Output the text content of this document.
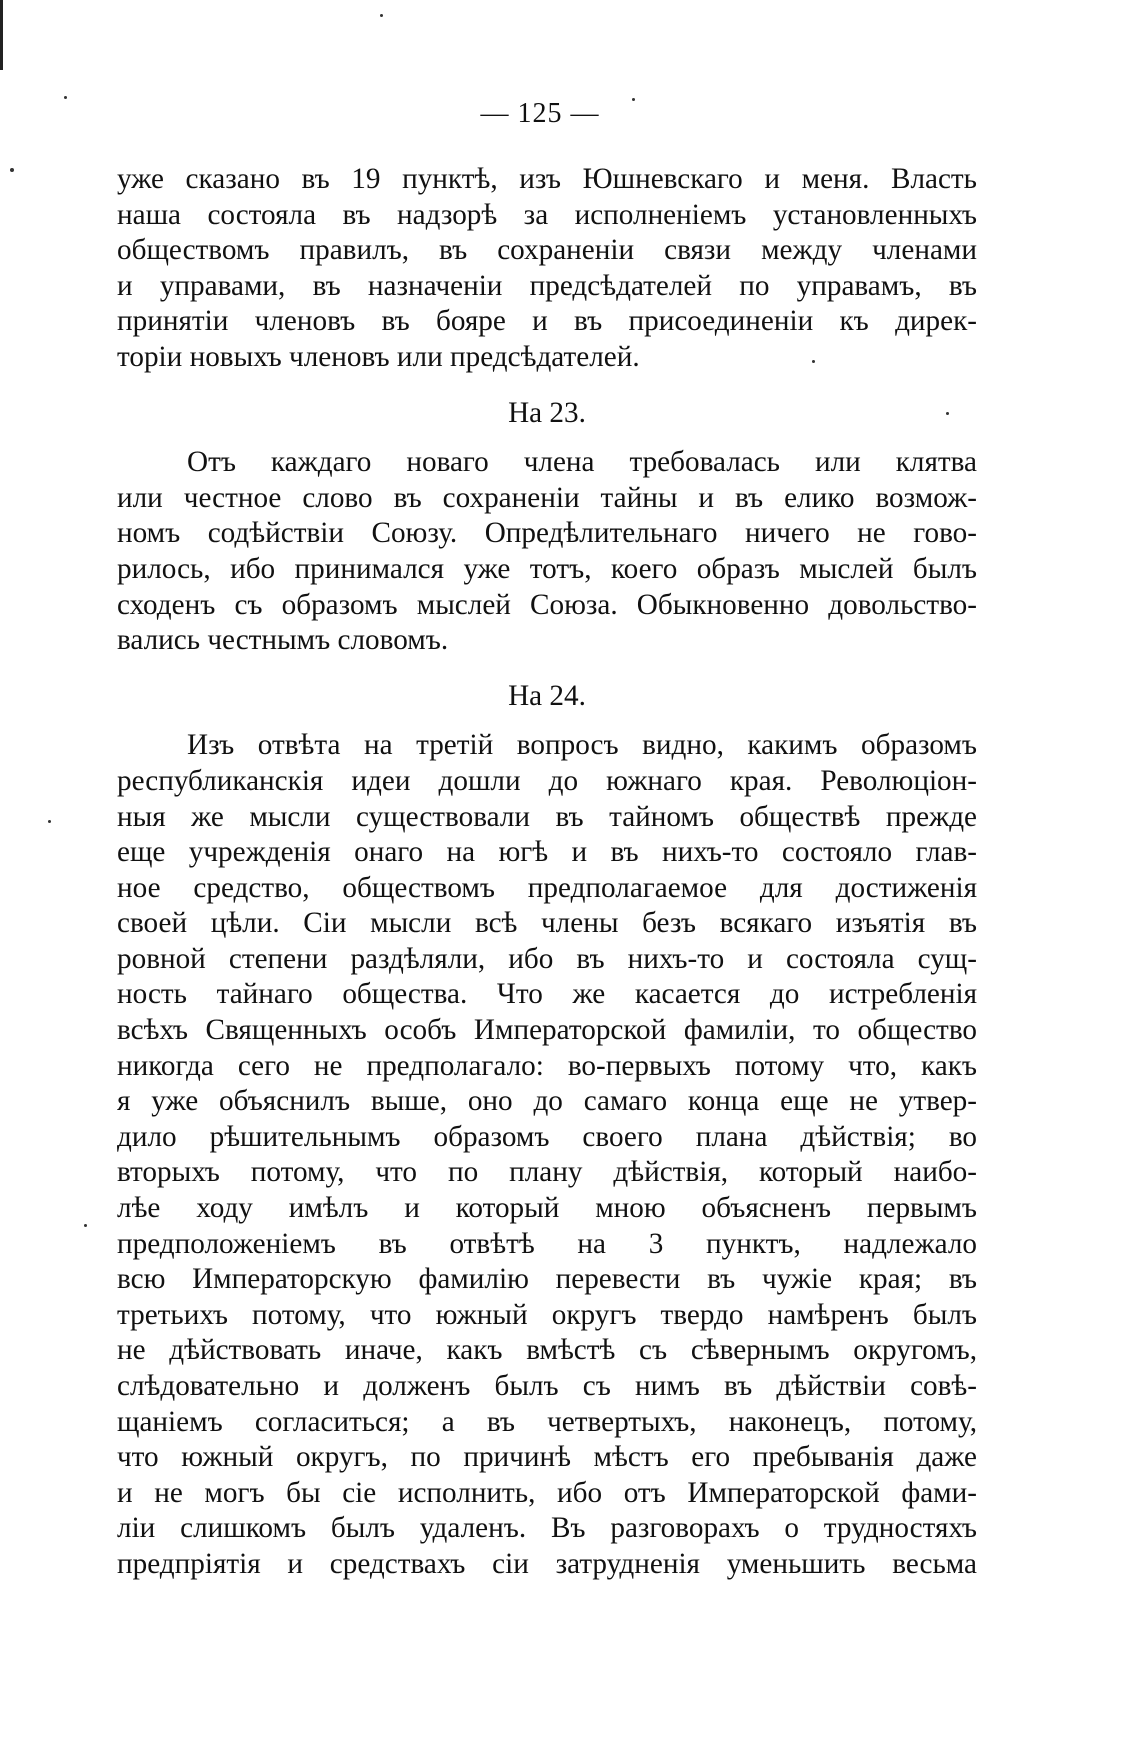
— 125 —
уже сказано въ 19 пунктѣ, изъ Юшневскаго и меня. Власть
наша состояла въ надзорѣ за исполненіемъ установленныхъ
обществомъ правилъ, въ сохраненіи связи между членами
и управами, въ назначеніи предсѣдателей по управамъ, въ
принятіи членовъ въ бояре и въ присоединеніи къ дирек-
торіи новыхъ членовъ или предсѣдателей.
На 23.
Отъ каждаго новаго члена требовалась или клятва
или честное слово въ сохраненіи тайны и въ елико возмож-
номъ содѣйствіи Союзу. Опредѣлительнаго ничего не гово-
рилось, ибо принимался уже тотъ, коего образъ мыслей былъ
сходенъ съ образомъ мыслей Союза. Обыкновенно довольство-
вались честнымъ словомъ.
На 24.
Изъ отвѣта на третій вопросъ видно, какимъ образомъ
республиканскія идеи дошли до южнаго края. Революціон-
ныя же мысли существовали въ тайномъ обществѣ прежде
еще учрежденія онаго на югѣ и въ нихъ-то состояло глав-
ное средство, обществомъ предполагаемое для достиженія
своей цѣли. Сіи мысли всѣ члены безъ всякаго изъятія въ
ровной степени раздѣляли, ибо въ нихъ-то и состояла сущ-
ность тайнаго общества. Что же касается до истребленія
всѣхъ Священныхъ особъ Императорской фамиліи, то общество
никогда сего не предполагало: во-первыхъ потому что, какъ
я уже объяснилъ выше, оно до самаго конца еще не утвер-
дило рѣшительнымъ образомъ своего плана дѣйствія; во
вторыхъ потому, что по плану дѣйствія, который наибо-
лѣе ходу имѣлъ и который мною объясненъ первымъ
предположеніемъ въ отвѣтѣ на 3 пунктъ, надлежало
всю Императорскую фамилію перевести въ чужіе края; въ
третьихъ потому, что южный округъ твердо намѣренъ былъ
не дѣйствовать иначе, какъ вмѣстѣ съ сѣвернымъ округомъ,
слѣдовательно и долженъ былъ съ нимъ въ дѣйствіи совѣ-
щаніемъ согласиться; а въ четвертыхъ, наконецъ, потому,
что южный округъ, по причинѣ мѣстъ его пребыванія даже
и не могъ бы сіе исполнить, ибо отъ Императорской фами-
ліи слишкомъ былъ удаленъ. Въ разговорахъ о трудностяхъ
предпріятія и средствахъ сіи затрудненія уменьшить весьма
